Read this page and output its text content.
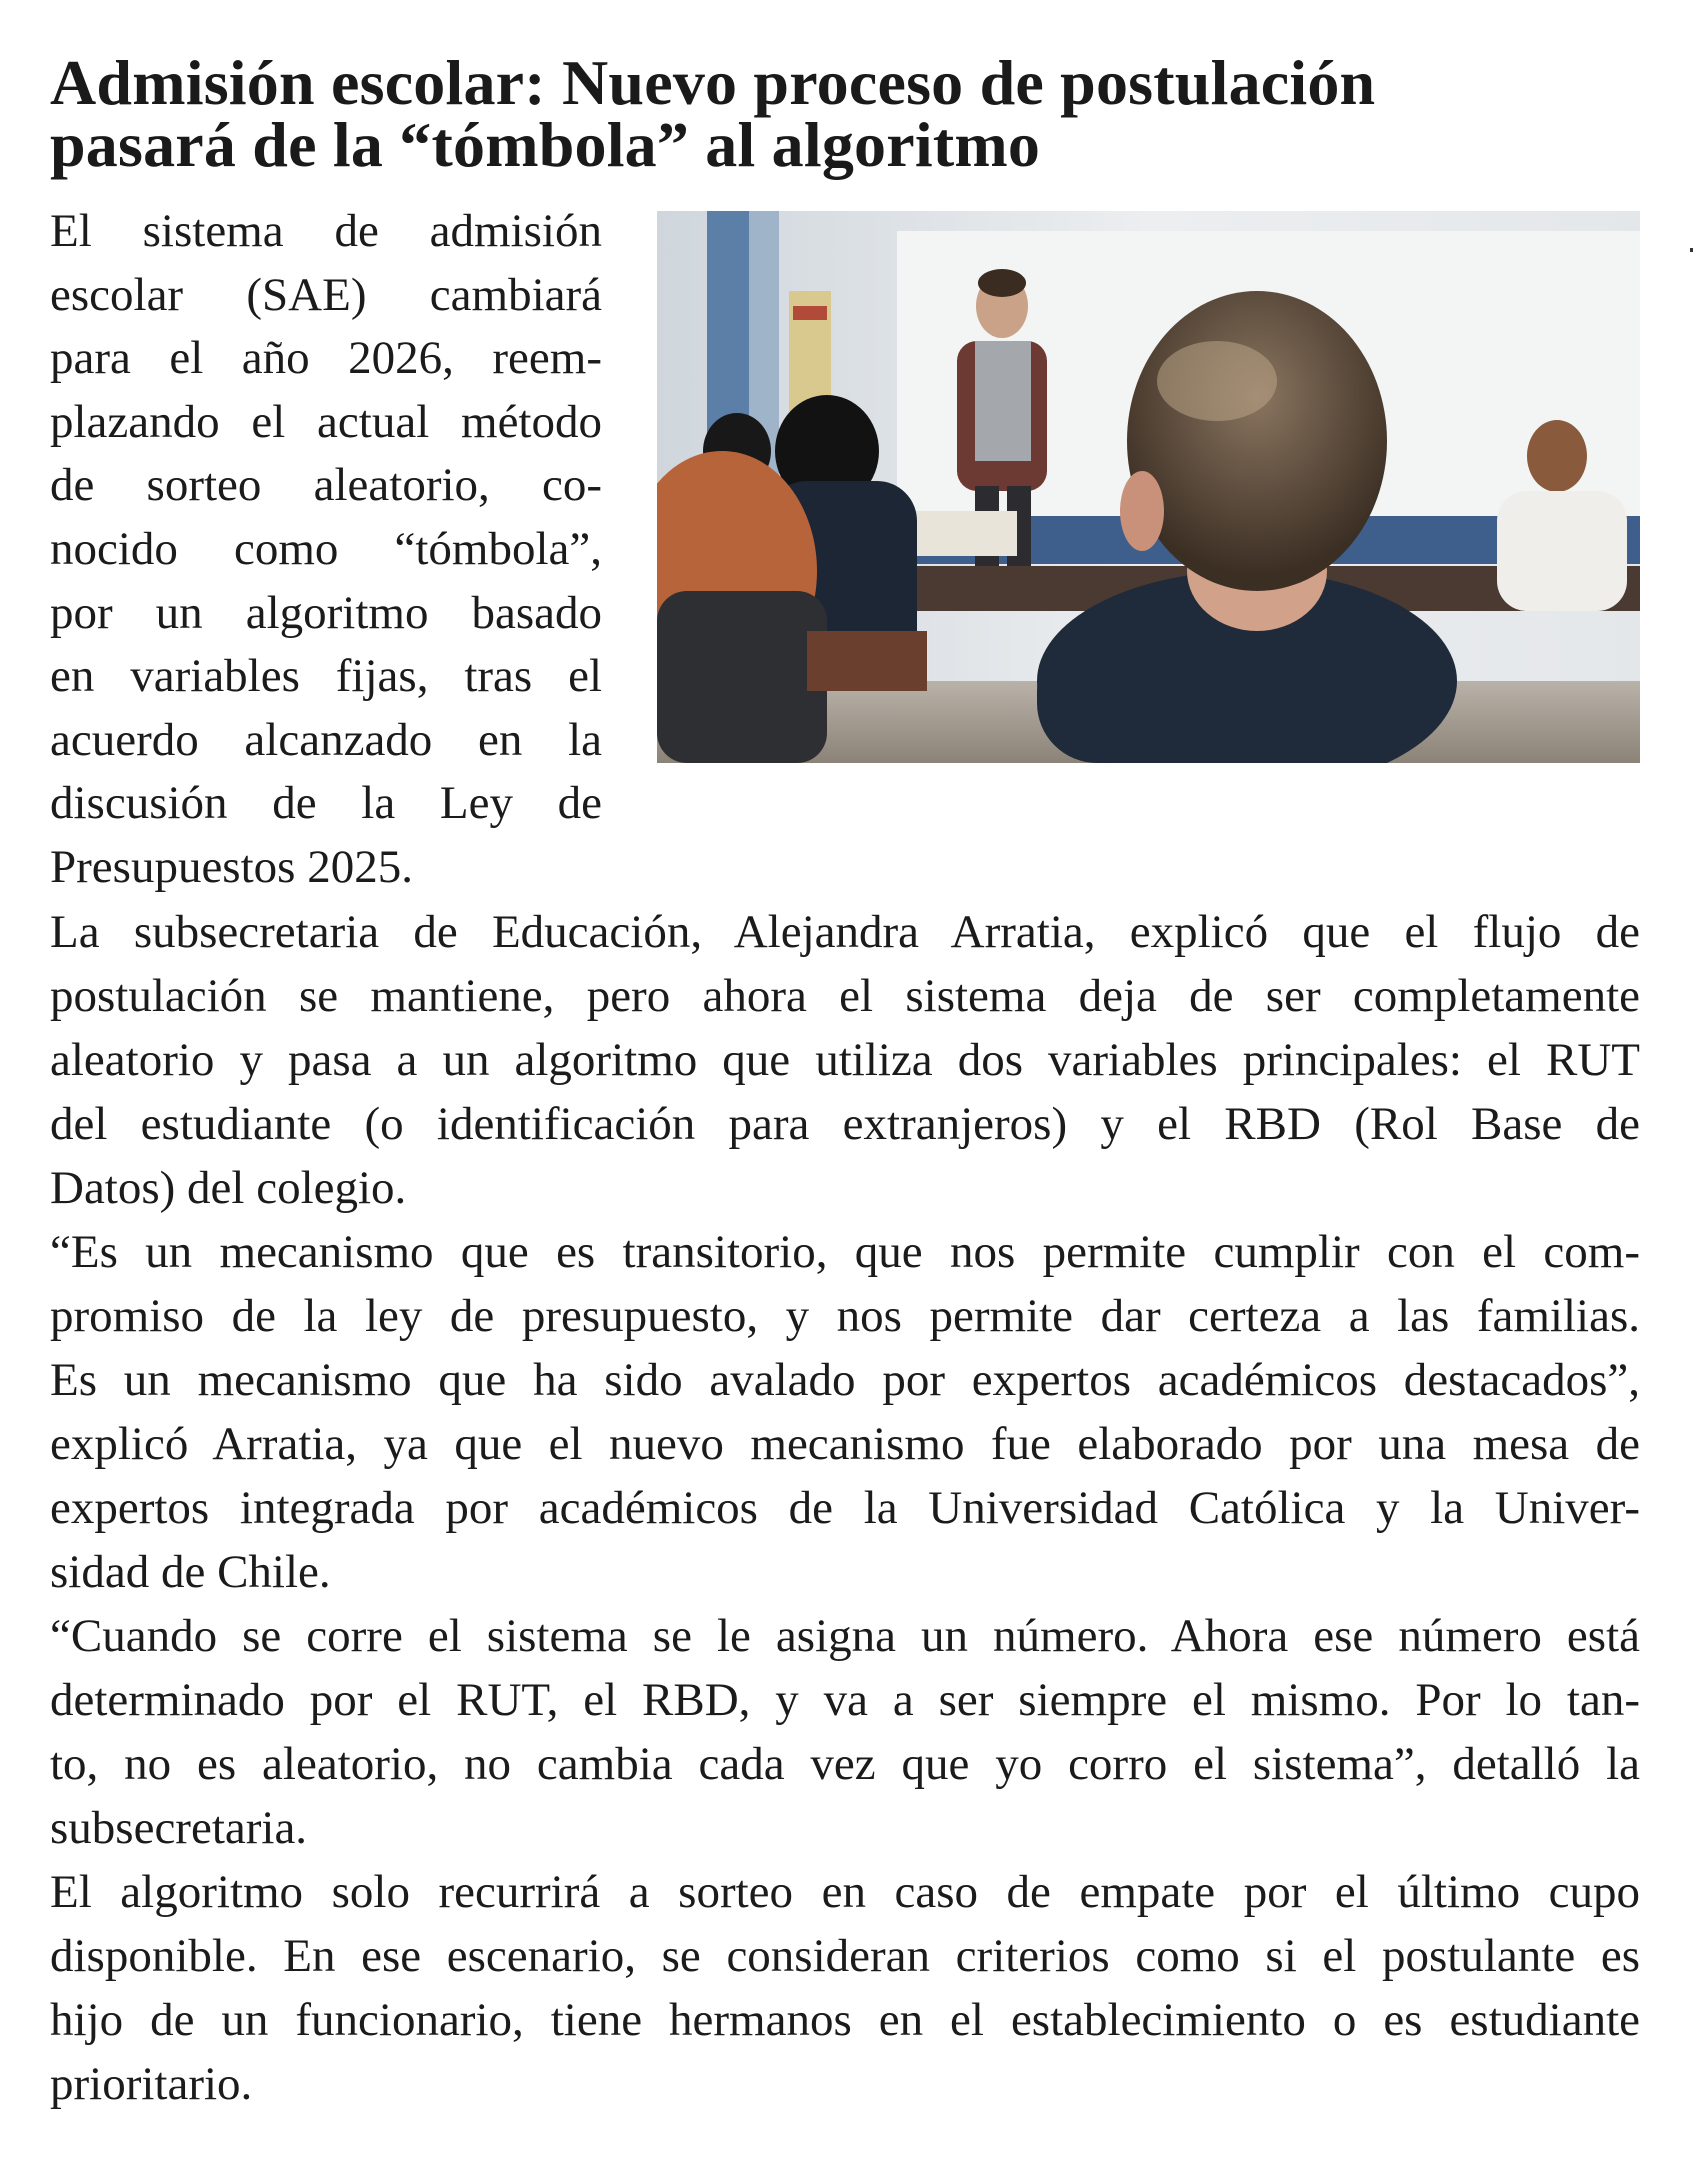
Admisión escolar: Nuevo proceso de postulación
pasará de la “tómbola” al algoritmo
El sistema de admisión
escolar (SAE) cambiará
para el año 2026, reem-
plazando el actual método
de sorteo aleatorio, co-
nocido como “tómbola”,
por un algoritmo basado
en variables fijas, tras el
acuerdo alcanzado en la
discusión de la Ley de
Presupuestos 2025.
La subsecretaria de Educación, Alejandra Arratia, explicó que el flujo de
postulación se mantiene, pero ahora el sistema deja de ser completamente
aleatorio y pasa a un algoritmo que utiliza dos variables principales: el RUT
del estudiante (o identificación para extranjeros) y el RBD (Rol Base de
Datos) del colegio.
“Es un mecanismo que es transitorio, que nos permite cumplir con el com-
promiso de la ley de presupuesto, y nos permite dar certeza a las familias.
Es un mecanismo que ha sido avalado por expertos académicos destacados”,
explicó Arratia, ya que el nuevo mecanismo fue elaborado por una mesa de
expertos integrada por académicos de la Universidad Católica y la Univer-
sidad de Chile.
“Cuando se corre el sistema se le asigna un número. Ahora ese número está
determinado por el RUT, el RBD, y va a ser siempre el mismo. Por lo tan-
to, no es aleatorio, no cambia cada vez que yo corro el sistema”, detalló la
subsecretaria.
El algoritmo solo recurrirá a sorteo en caso de empate por el último cupo
disponible. En ese escenario, se consideran criterios como si el postulante es
hijo de un funcionario, tiene hermanos en el establecimiento o es estudiante
prioritario.
